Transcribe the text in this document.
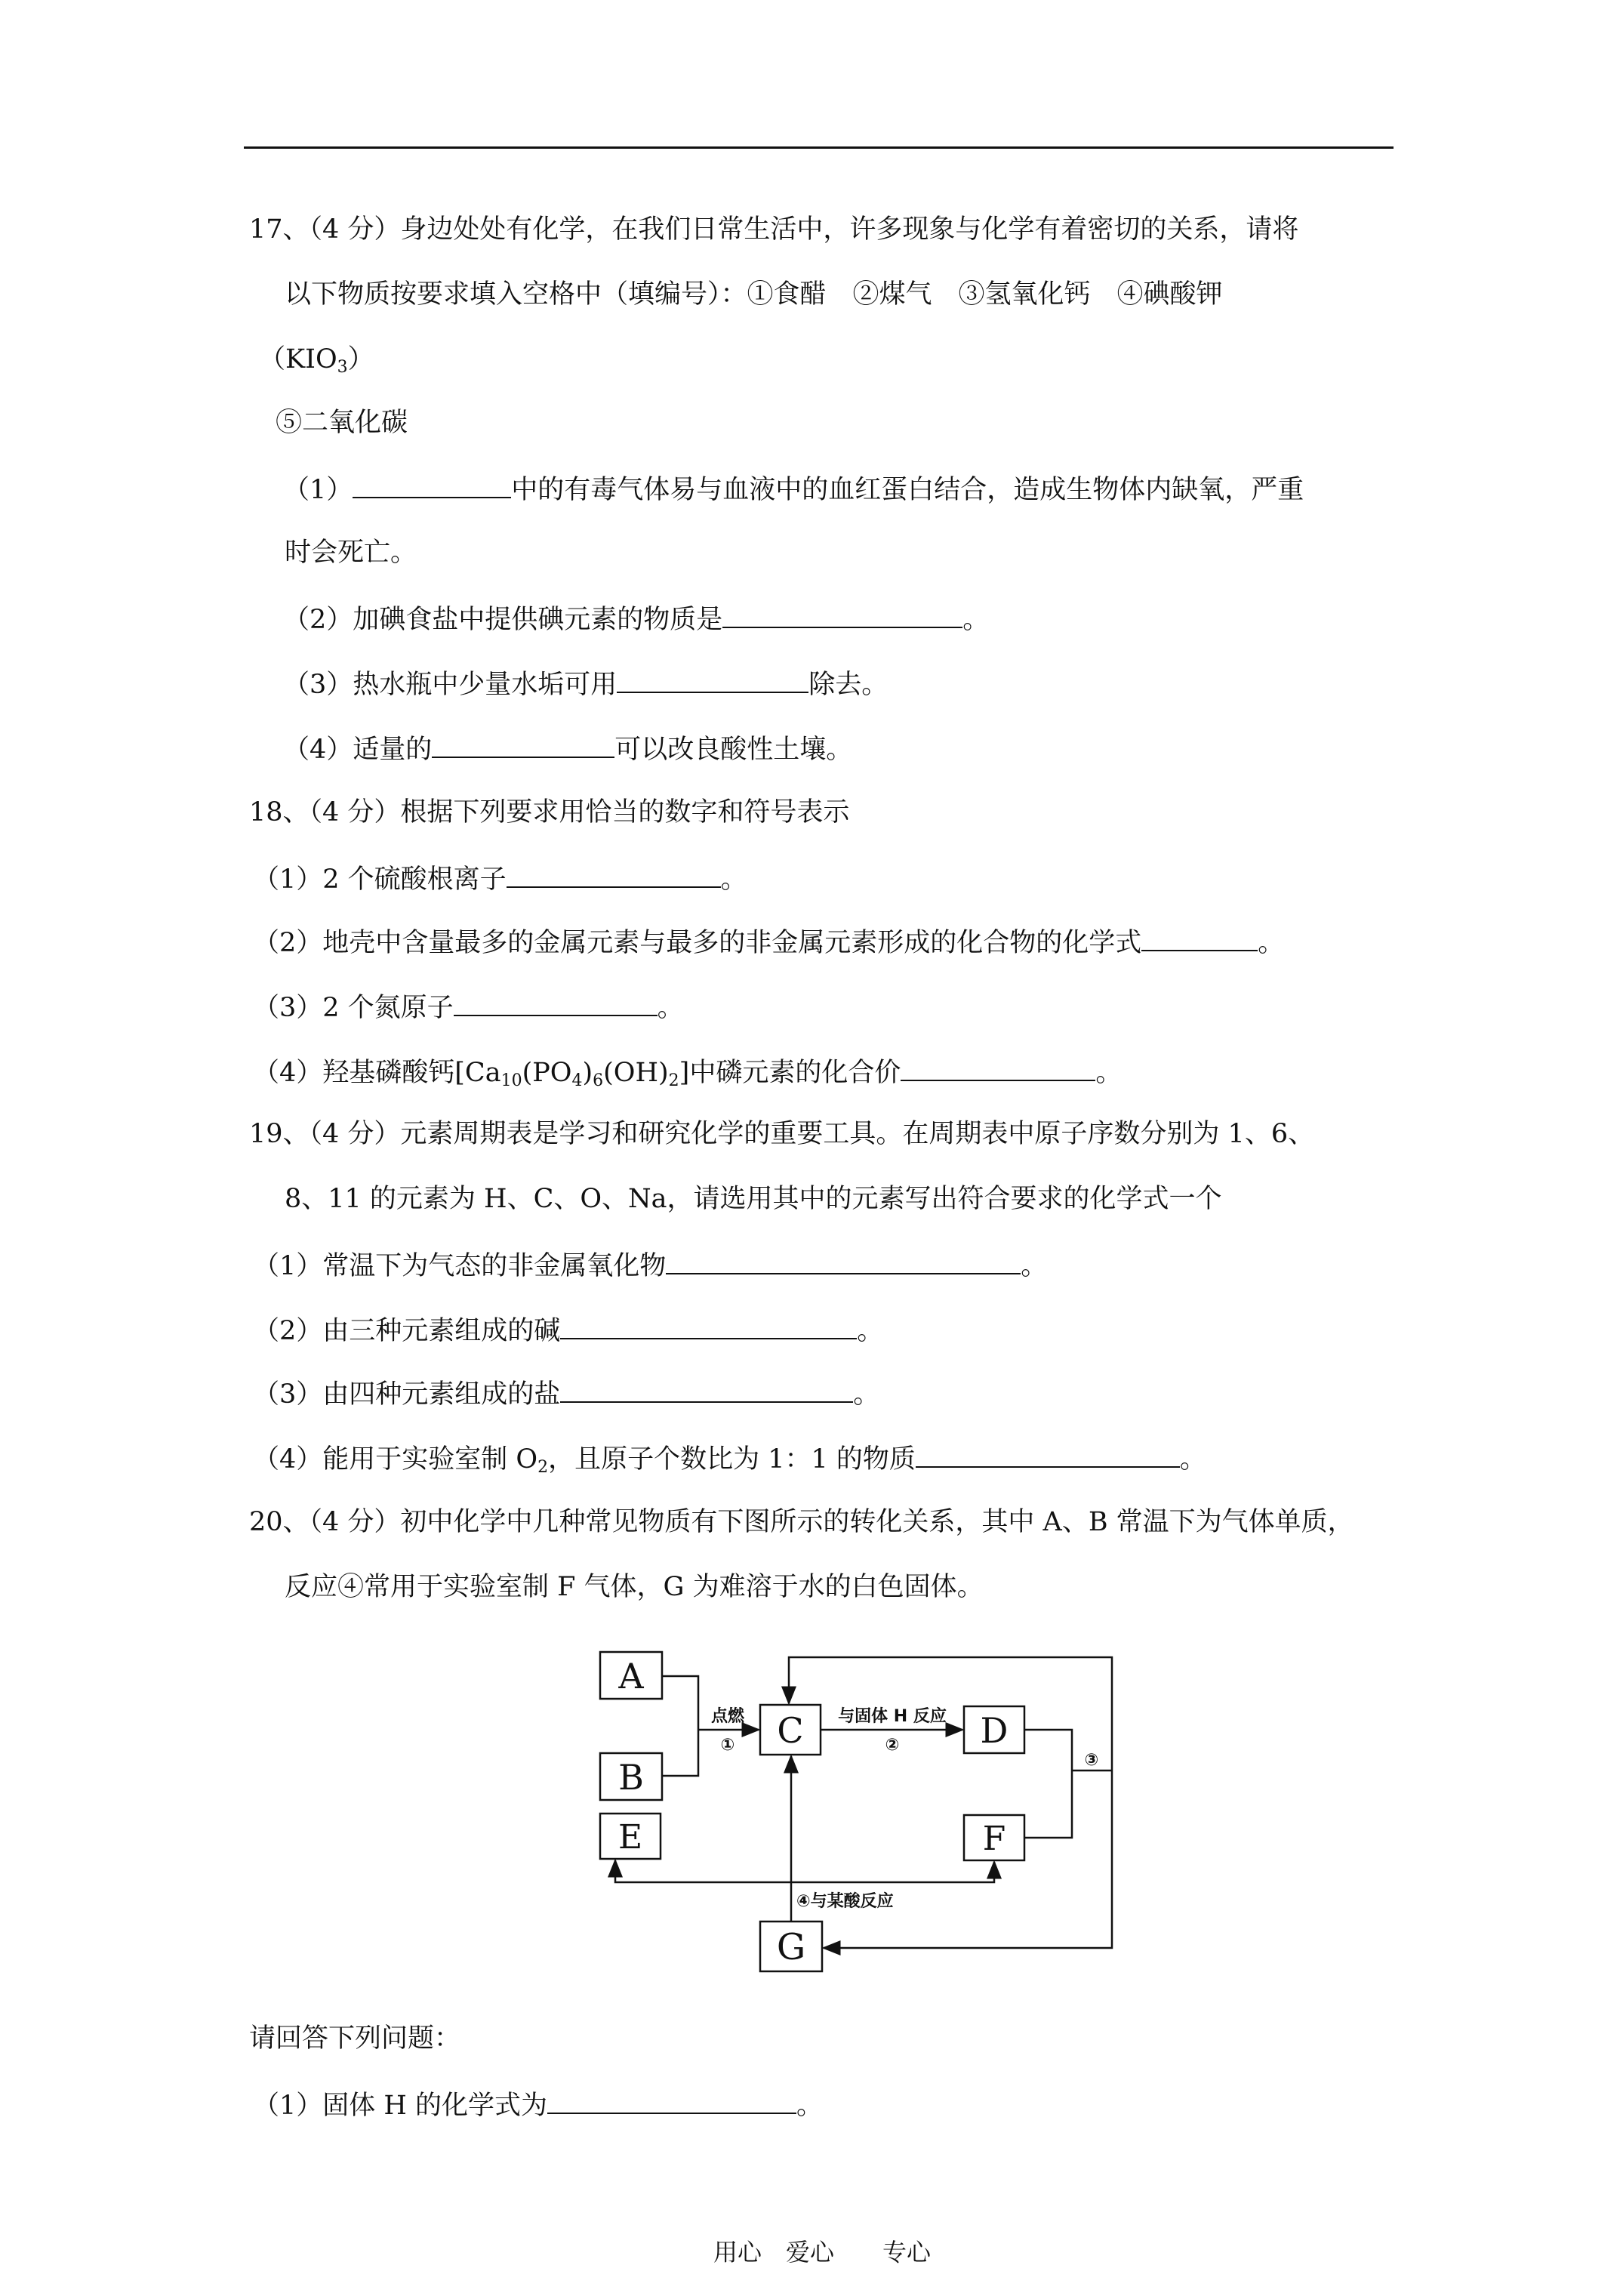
17、（4 分）身边处处有化学，在我们日常生活中，许多现象与化学有着密切的关系，请将
以下物质按要求填入空格中（填编号）：①食醋　②煤气　③氢氧化钙　④碘酸钾
$(KIO_3)$
⑤二氧化碳
（1）	中的有毒气体易与血液中的血红蛋白结合，造成生物体内缺氧，严重
时会死亡。
（2）加碘食盐中提供碘元素的物质是	。
（3）热水瓶中少量水垢可用	除去。
（4）适量的	可以改良酸性土壤。
18、（4 分）根据下列要求用恰当的数字和符号表示
（1）2 个硫酸根离子	。
（2）地壳中含量最多的金属元素与最多的非金属元素形成的化合物的化学式	。
（3）2 个氮原子	。
（4）羟基磷酸钙$[Ca_{10}(PO_4)_6(OH)_2]$中磷元素的化合价	。
19、（4 分）元素周期表是学习和研究化学的重要工具。在周期表中原子序数分别为 1、6、
8、11 的元素为 H、C、O、Na，请选用其中的元素写出符合要求的化学式一个
（1）常温下为气态的非金属氧化物	。
（2）由三种元素组成的碱	。
（3）由四种元素组成的盐	。
（4）能用于实验室制 $O_2$，且原子个数比为 1：1 的物质	。
20、（4 分）初中化学中几种常见物质有下图所示的转化关系，其中 A、B 常温下为气体单质，
反应④常用于实验室制 F 气体，G 为难溶于水的白色固体。
A
B
C	D
E	F
G
点燃
①
与固体 H 反应
②
③
④与某酸反应
请回答下列问题：
（1）固体 H 的化学式为	。
用心　爱心　　专心
